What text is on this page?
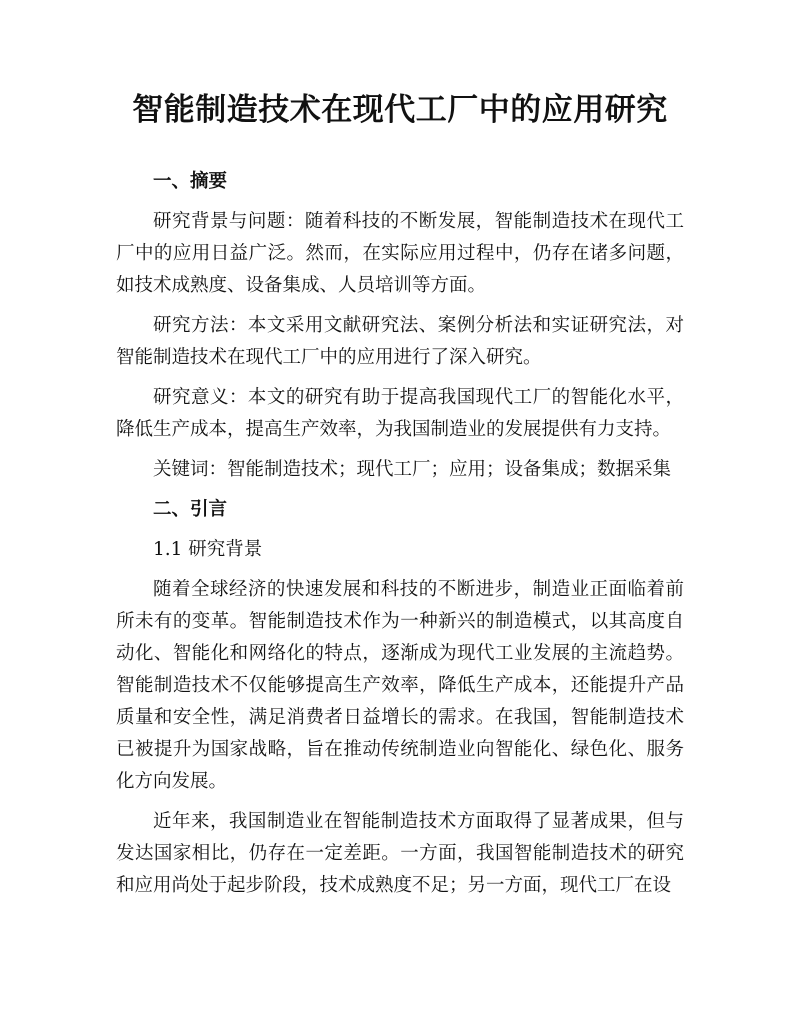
智能制造技术在现代工厂中的应用研究
一、摘要

研究背景与问题：随着科技的不断发展，智能制造技术在现代工厂中的应用日益广泛。然而，在实际应用过程中，仍存在诸多问题，如技术成熟度、设备集成、人员培训等方面。

研究方法：本文采用文献研究法、案例分析法和实证研究法，对智能制造技术在现代工厂中的应用进行了深入研究。

研究意义：本文的研究有助于提高我国现代工厂的智能化水平，降低生产成本，提高生产效率，为我国制造业的发展提供有力支持。

关键词：智能制造技术；现代工厂；应用；设备集成；数据采集

二、引言

1.1 研究背景

随着全球经济的快速发展和科技的不断进步，制造业正面临着前所未有的变革。智能制造技术作为一种新兴的制造模式，以其高度自动化、智能化和网络化的特点，逐渐成为现代工业发展的主流趋势。智能制造技术不仅能够提高生产效率，降低生产成本，还能提升产品质量和安全性，满足消费者日益增长的需求。在我国，智能制造技术已被提升为国家战略，旨在推动传统制造业向智能化、绿色化、服务化方向发展。

近年来，我国制造业在智能制造技术方面取得了显著成果，但与发达国家相比，仍存在一定差距。一方面，我国智能制造技术的研究和应用尚处于起步阶段，技术成熟度不足；另一方面，现代工厂在设
